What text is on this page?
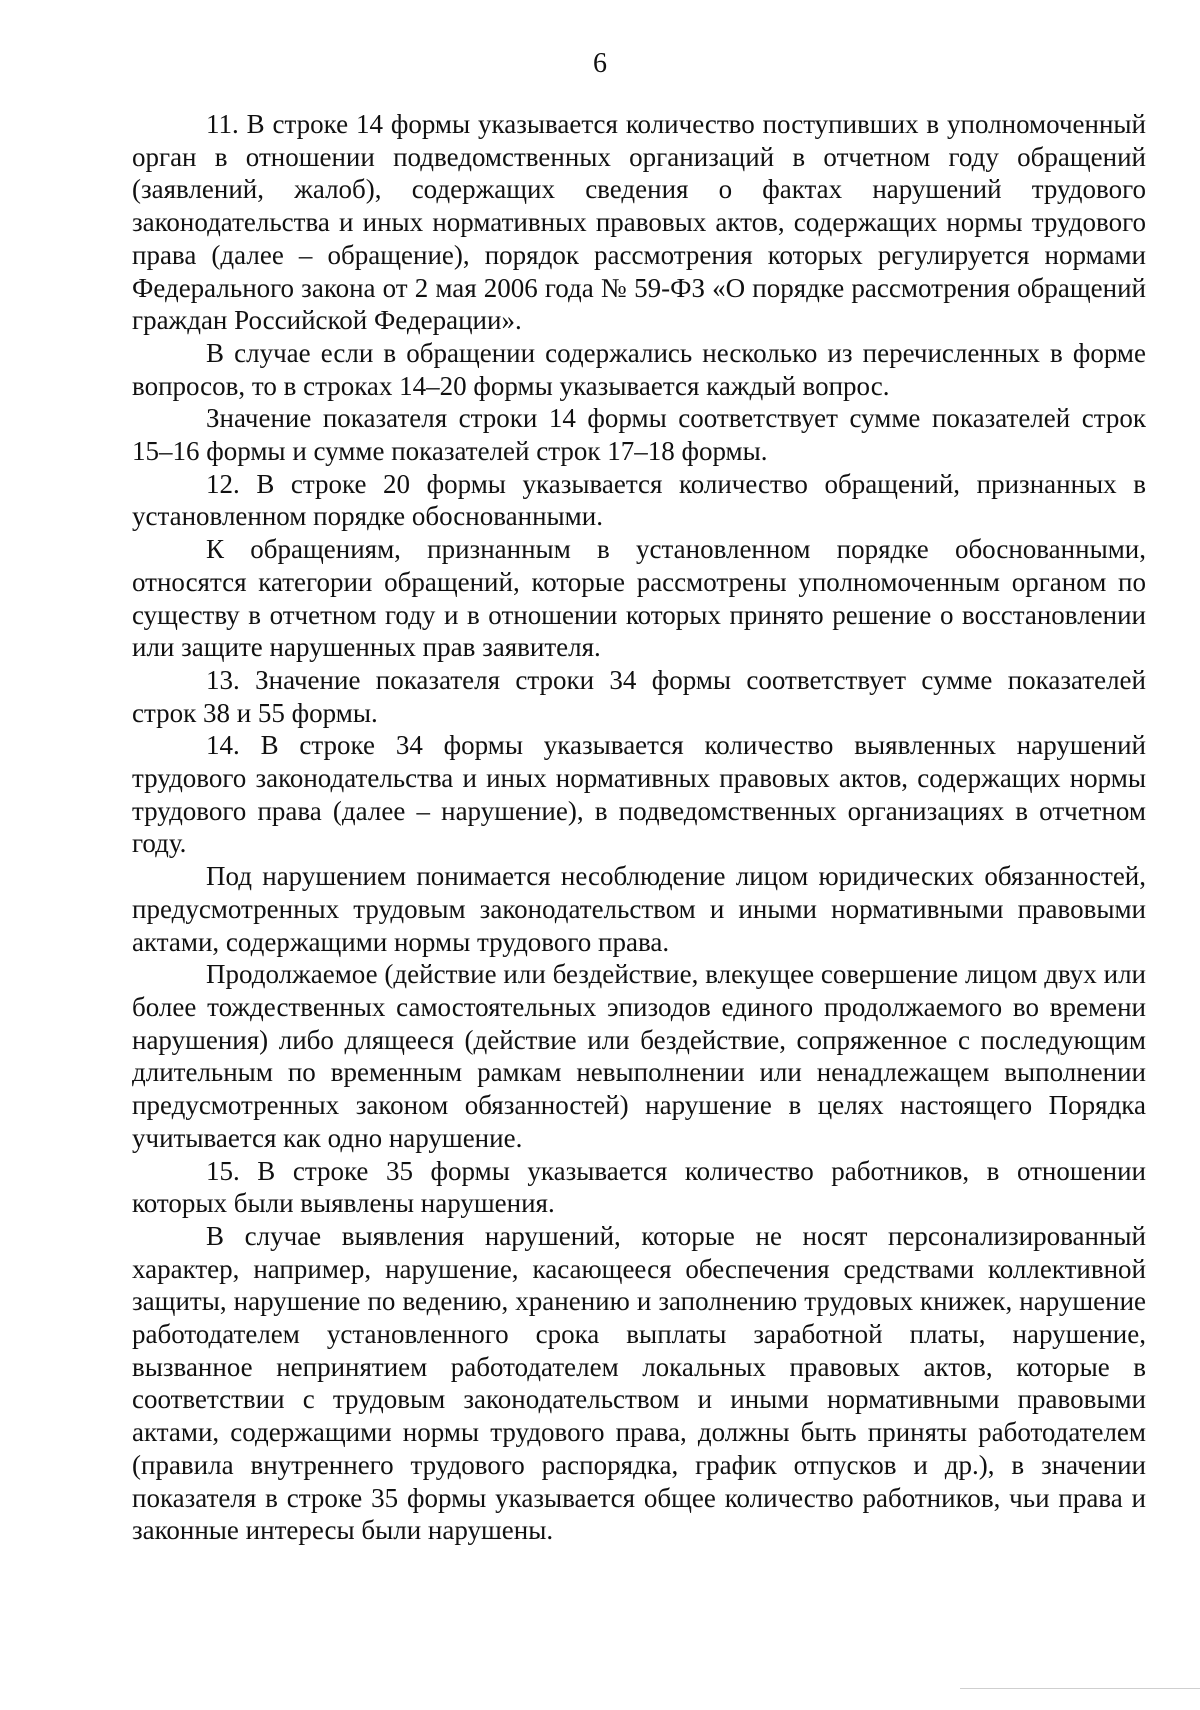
6

11. В строке 14 формы указывается количество поступивших в уполномоченный орган в отношении подведомственных организаций в отчетном году обращений (заявлений, жалоб), содержащих сведения о фактах нарушений трудового законодательства и иных нормативных правовых актов, содержащих нормы трудового права (далее – обращение), порядок рассмотрения которых регулируется нормами Федерального закона от 2 мая 2006 года № 59-ФЗ «О порядке рассмотрения обращений граждан Российской Федерации».

В случае если в обращении содержались несколько из перечисленных в форме вопросов, то в строках 14–20 формы указывается каждый вопрос.

Значение показателя строки 14 формы соответствует сумме показателей строк 15–16 формы и сумме показателей строк 17–18 формы.

12. В строке 20 формы указывается количество обращений, признанных в установленном порядке обоснованными.

К обращениям, признанным в установленном порядке обоснованными, относятся категории обращений, которые рассмотрены уполномоченным органом по существу в отчетном году и в отношении которых принято решение о восстановлении или защите нарушенных прав заявителя.

13. Значение показателя строки 34 формы соответствует сумме показателей строк 38 и 55 формы.

14. В строке 34 формы указывается количество выявленных нарушений трудового законодательства и иных нормативных правовых актов, содержащих нормы трудового права (далее – нарушение), в подведомственных организациях в отчетном году.

Под нарушением понимается несоблюдение лицом юридических обязанностей, предусмотренных трудовым законодательством и иными нормативными правовыми актами, содержащими нормы трудового права.

Продолжаемое (действие или бездействие, влекущее совершение лицом двух или более тождественных самостоятельных эпизодов единого продолжаемого во времени нарушения) либо длящееся (действие или бездействие, сопряженное с последующим длительным по временным рамкам невыполнении или ненадлежащем выполнении предусмотренных законом обязанностей) нарушение в целях настоящего Порядка учитывается как одно нарушение.

15. В строке 35 формы указывается количество работников, в отношении которых были выявлены нарушения.

В случае выявления нарушений, которые не носят персонализированный характер, например, нарушение, касающееся обеспечения средствами коллективной защиты, нарушение по ведению, хранению и заполнению трудовых книжек, нарушение работодателем установленного срока выплаты заработной платы, нарушение, вызванное непринятием работодателем локальных правовых актов, которые в соответствии с трудовым законодательством и иными нормативными правовыми актами, содержащими нормы трудового права, должны быть приняты работодателем (правила внутреннего трудового распорядка, график отпусков и др.), в значении показателя в строке 35 формы указывается общее количество работников, чьи права и законные интересы были нарушены.
